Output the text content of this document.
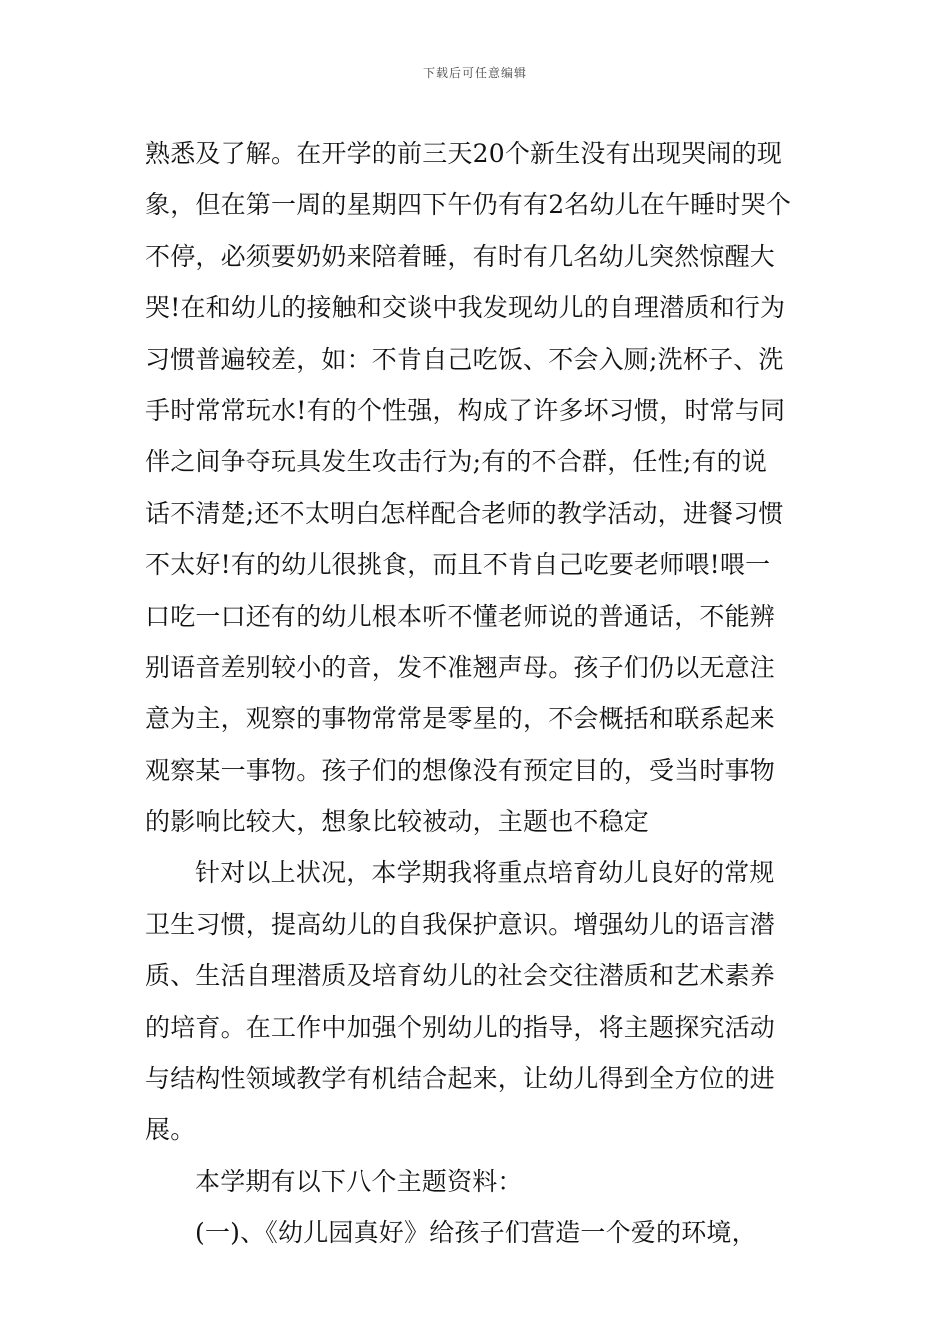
下载后可任意编辑
熟悉及了解。在开学的前三天20个新生没有出现哭闹的现
象，但在第一周的星期四下午仍有有2名幼儿在午睡时哭个
不停，必须要奶奶来陪着睡，有时有几名幼儿突然惊醒大
哭!在和幼儿的接触和交谈中我发现幼儿的自理潜质和行为
习惯普遍较差，如：不肯自己吃饭、不会入厕;洗杯子、洗
手时常常玩水!有的个性强，构成了许多坏习惯，时常与同
伴之间争夺玩具发生攻击行为;有的不合群，任性;有的说
话不清楚;还不太明白怎样配合老师的教学活动，进餐习惯
不太好!有的幼儿很挑食，而且不肯自己吃要老师喂!喂一
口吃一口还有的幼儿根本听不懂老师说的普通话，不能辨
别语音差别较小的音，发不准翘声母。孩子们仍以无意注
意为主，观察的事物常常是零星的，不会概括和联系起来
观察某一事物。孩子们的想像没有预定目的，受当时事物
的影响比较大，想象比较被动，主题也不稳定
针对以上状况，本学期我将重点培育幼儿良好的常规
卫生习惯，提高幼儿的自我保护意识。增强幼儿的语言潜
质、生活自理潜质及培育幼儿的社会交往潜质和艺术素养
的培育。在工作中加强个别幼儿的指导，将主题探究活动
与结构性领域教学有机结合起来，让幼儿得到全方位的进
展。
本学期有以下八个主题资料：
(一)、《幼儿园真好》给孩子们营造一个爱的环境，
